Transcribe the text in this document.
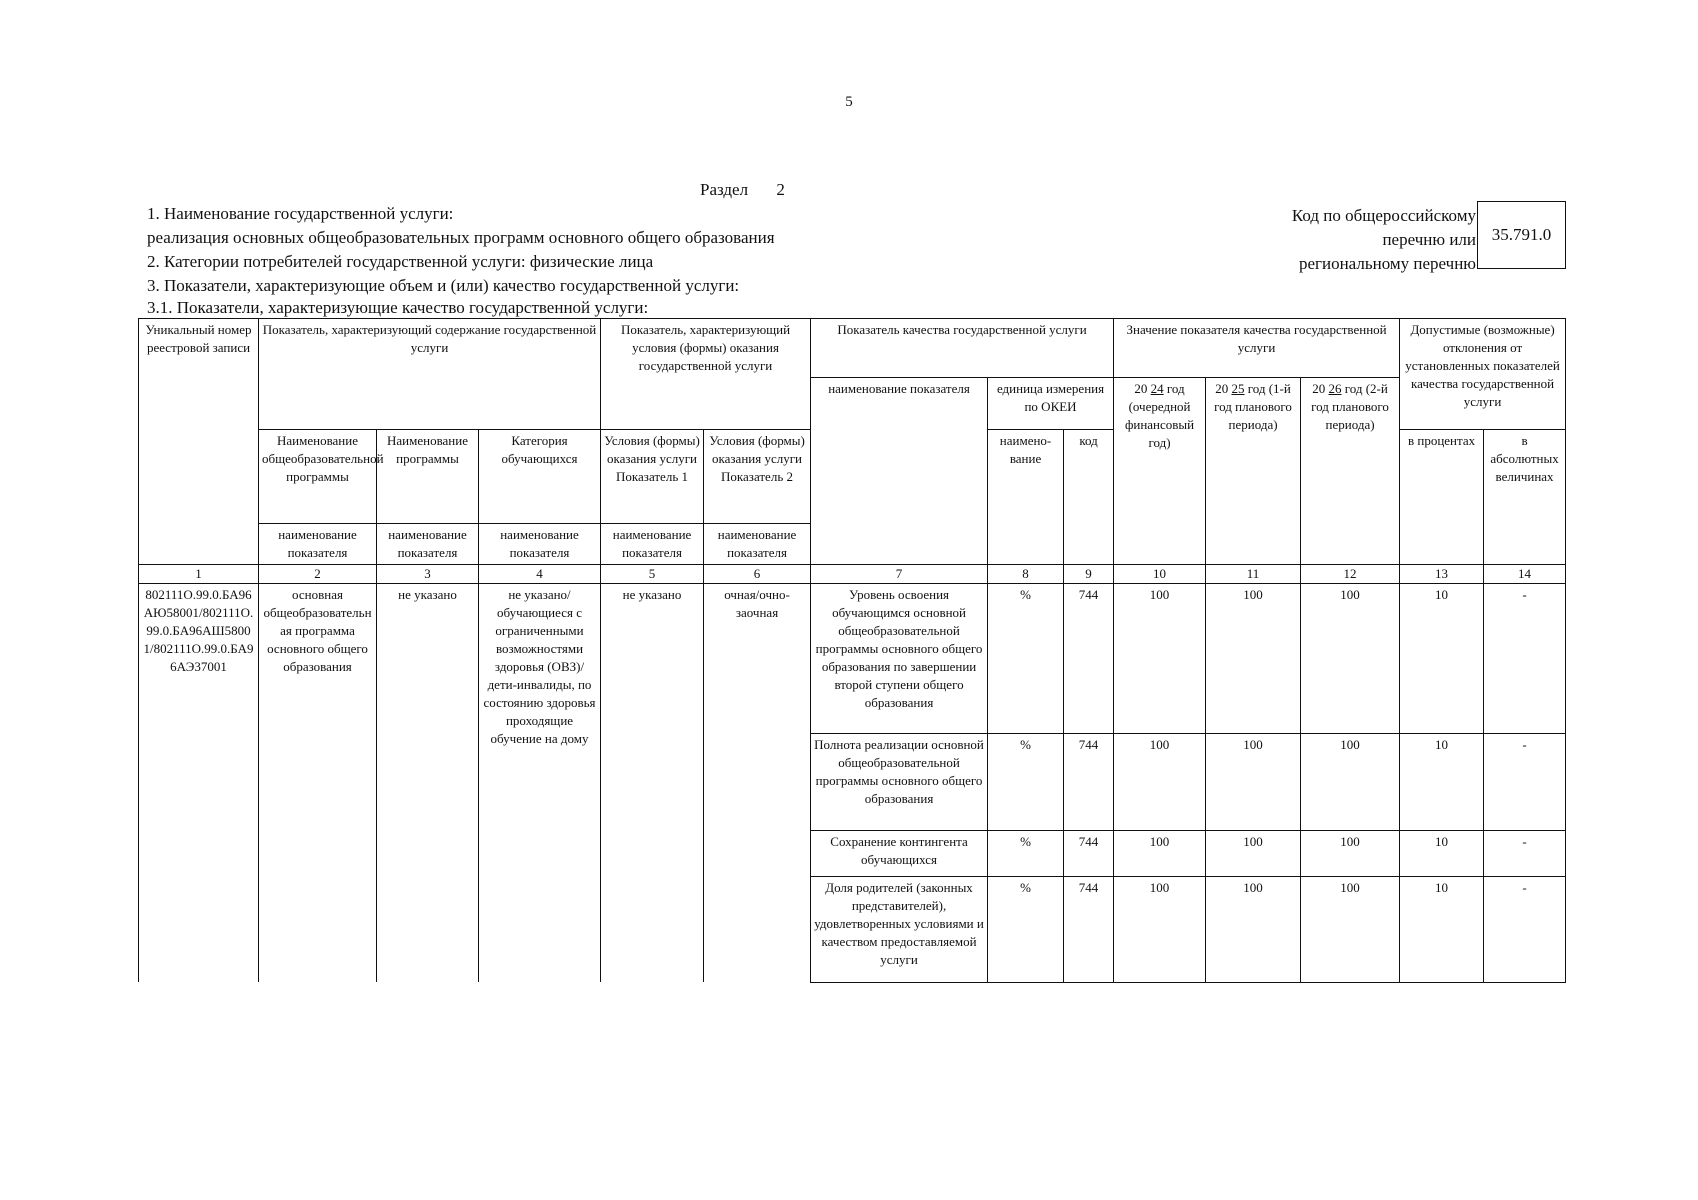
5
Раздел 2
1. Наименование государственной услуги:
реализация основных общеобразовательных программ основного общего образования
2. Категории потребителей государственной услуги: физические лица
3. Показатели, характеризующие объем и (или) качество государственной услуги:
3.1. Показатели, характеризующие качество государственной услуги:
Код по общероссийскому
перечню или
региональному перечню
35.791.0
Уникальный номер реестровой записи	Показатель, характеризующий содержание государственной услуги			Показатель, характеризующий условия (формы) оказания государственной услуги		Показатель качества государственной услуги			Значение показателя качества государственной услуги			Допустимые (возможные) отклонения от установленных показателей качества государственной услуги	
						наименование показателя	единица измерения по ОКЕИ		20 24 год (очередной финансовый год)	20 25 год (1-й год планового периода)	20 26 год (2-й год планового периода)		
	Наименование общеобразовательной программы	Наименование программы	Категория обучающихся	Условия (формы) оказания услуги Показатель 1	Условия (формы) оказания услуги Показатель 2		наимено-вание	код				в процентах	в абсолютных величинах
	наименование показателя	наименование показателя	наименование показателя	наименование показателя	наименование показателя								
1	2	3	4	5	6	7	8	9	10	11	12	13	14
802111О.99.0.БА96АЮ58001/802111О.99.0.БА96АШ58001/802111О.99.0.БА96АЭ37001	основная общеобразовательная программа основного общего образования	не указано	не указано/ обучающиеся с ограниченными возможностями здоровья (ОВЗ)/дети-инвалиды, по состоянию здоровья проходящие обучение на дому	не указано	очная/очно-заочная	Уровень освоения обучающимся основной общеобразовательной программы основного общего образования по завершении второй ступени общего образования	%	744	100	100	100	10	-
						Полнота реализации основной общеобразовательной программы основного общего образования	%	744	100	100	100	10	-
						Сохранение контингента обучающихся	%	744	100	100	100	10	-
						Доля родителей (законных представителей), удовлетворенных условиями и качеством предоставляемой услуги	%	744	100	100	100	10	-
